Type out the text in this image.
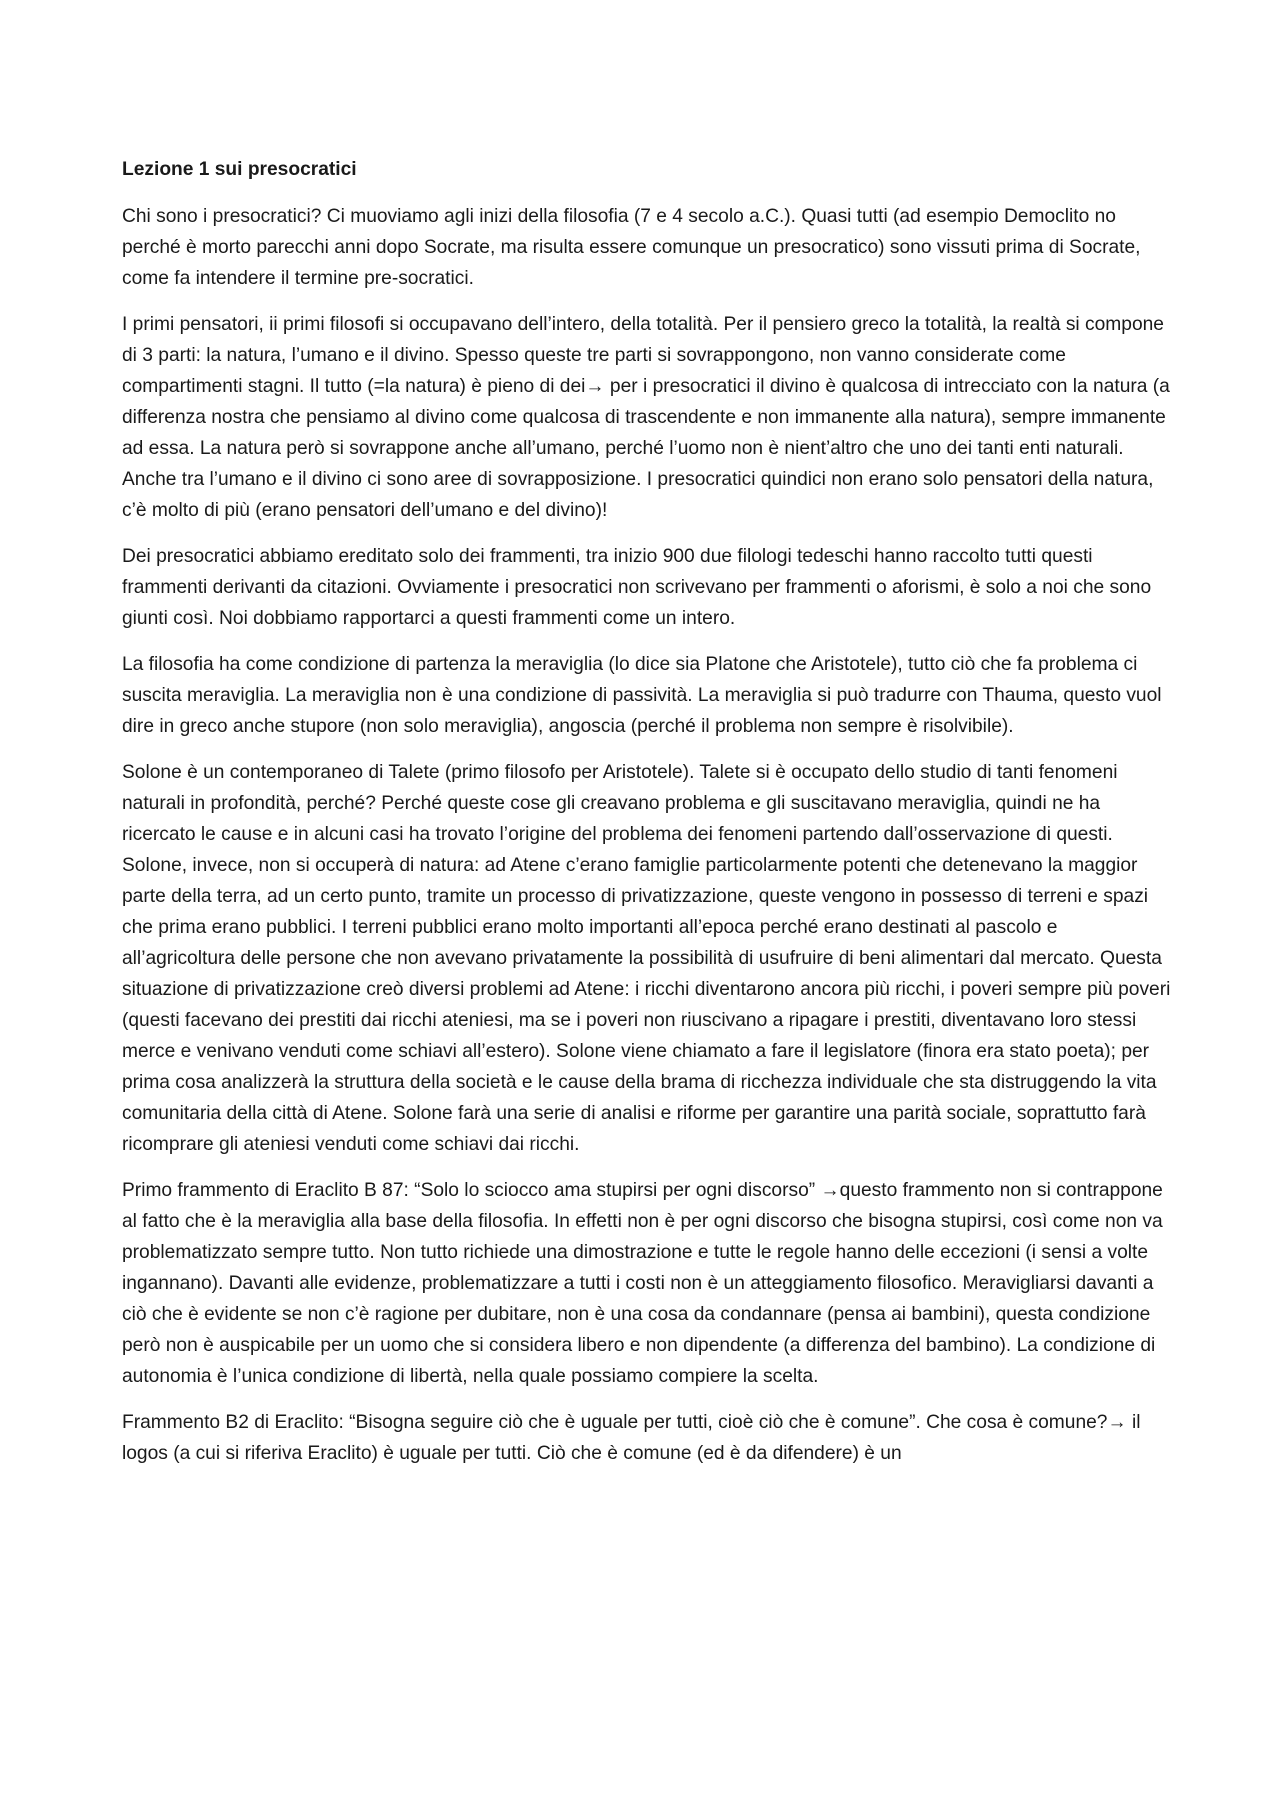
Lezione 1 sui presocratici

Chi sono i presocratici? Ci muoviamo agli inizi della filosofia (7 e 4 secolo a.C.). Quasi tutti (ad esempio Democlito no perché è morto parecchi anni dopo Socrate, ma risulta essere comunque un presocratico) sono vissuti prima di Socrate, come fa intendere il termine pre-socratici.

I primi pensatori, ii primi filosofi si occupavano dell’intero, della totalità. Per il pensiero greco la totalità, la realtà si compone di 3 parti: la natura, l’umano e il divino. Spesso queste tre parti si sovrappongono, non vanno considerate come compartimenti stagni. Il tutto (=la natura) è pieno di dei→ per i presocratici il divino è qualcosa di intrecciato con la natura (a differenza nostra che pensiamo al divino come qualcosa di trascendente e non immanente alla natura), sempre immanente ad essa. La natura però si sovrappone anche all’umano, perché l’uomo non è nient’altro che uno dei tanti enti naturali. Anche tra l’umano e il divino ci sono aree di sovrapposizione. I presocratici quindici non erano solo pensatori della natura, c’è molto di più (erano pensatori dell’umano e del divino)!

Dei presocratici abbiamo ereditato solo dei frammenti, tra inizio 900 due filologi tedeschi hanno raccolto tutti questi frammenti derivanti da citazioni. Ovviamente i presocratici non scrivevano per frammenti o aforismi, è solo a noi che sono giunti così. Noi dobbiamo rapportarci a questi frammenti come un intero.

La filosofia ha come condizione di partenza la meraviglia (lo dice sia Platone che Aristotele), tutto ciò che fa problema ci suscita meraviglia. La meraviglia non è una condizione di passività. La meraviglia si può tradurre con Thauma, questo vuol dire in greco anche stupore (non solo meraviglia), angoscia (perché il problema non sempre è risolvibile).

Solone è un contemporaneo di Talete (primo filosofo per Aristotele). Talete si è occupato dello studio di tanti fenomeni naturali in profondità, perché? Perché queste cose gli creavano problema e gli suscitavano meraviglia, quindi ne ha ricercato le cause e in alcuni casi ha trovato l’origine del problema dei fenomeni partendo dall’osservazione di questi. Solone, invece, non si occuperà di natura: ad Atene c’erano famiglie particolarmente potenti che detenevano la maggior parte della terra, ad un certo punto, tramite un processo di privatizzazione, queste vengono in possesso di terreni e spazi che prima erano pubblici. I terreni pubblici erano molto importanti all’epoca perché erano destinati al pascolo e all’agricoltura delle persone che non avevano privatamente la possibilità di usufruire di beni alimentari dal mercato. Questa situazione di privatizzazione creò diversi problemi ad Atene: i ricchi diventarono ancora più ricchi, i poveri sempre più poveri (questi facevano dei prestiti dai ricchi ateniesi, ma se i poveri non riuscivano a ripagare i prestiti, diventavano loro stessi merce e venivano venduti come schiavi all’estero). Solone viene chiamato a fare il legislatore (finora era stato poeta); per prima cosa analizzerà la struttura della società e le cause della brama di ricchezza individuale che sta distruggendo la vita comunitaria della città di Atene. Solone farà una serie di analisi e riforme per garantire una parità sociale, soprattutto farà ricomprare gli ateniesi venduti come schiavi dai ricchi.

Primo frammento di Eraclito B 87: “Solo lo sciocco ama stupirsi per ogni discorso” →questo frammento non si contrappone al fatto che è la meraviglia alla base della filosofia. In effetti non è per ogni discorso che bisogna stupirsi, così come non va problematizzato sempre tutto. Non tutto richiede una dimostrazione e tutte le regole hanno delle eccezioni (i sensi a volte ingannano). Davanti alle evidenze, problematizzare a tutti i costi non è un atteggiamento filosofico. Meravigliarsi davanti a ciò che è evidente se non c’è ragione per dubitare, non è una cosa da condannare (pensa ai bambini), questa condizione però non è auspicabile per un uomo che si considera libero e non dipendente (a differenza del bambino). La condizione di autonomia è l’unica condizione di libertà, nella quale possiamo compiere la scelta.

Frammento B2 di Eraclito: “Bisogna seguire ciò che è uguale per tutti, cioè ciò che è comune”. Che cosa è comune?→ il logos (a cui si riferiva Eraclito) è uguale per tutti. Ciò che è comune (ed è da difendere) è un
